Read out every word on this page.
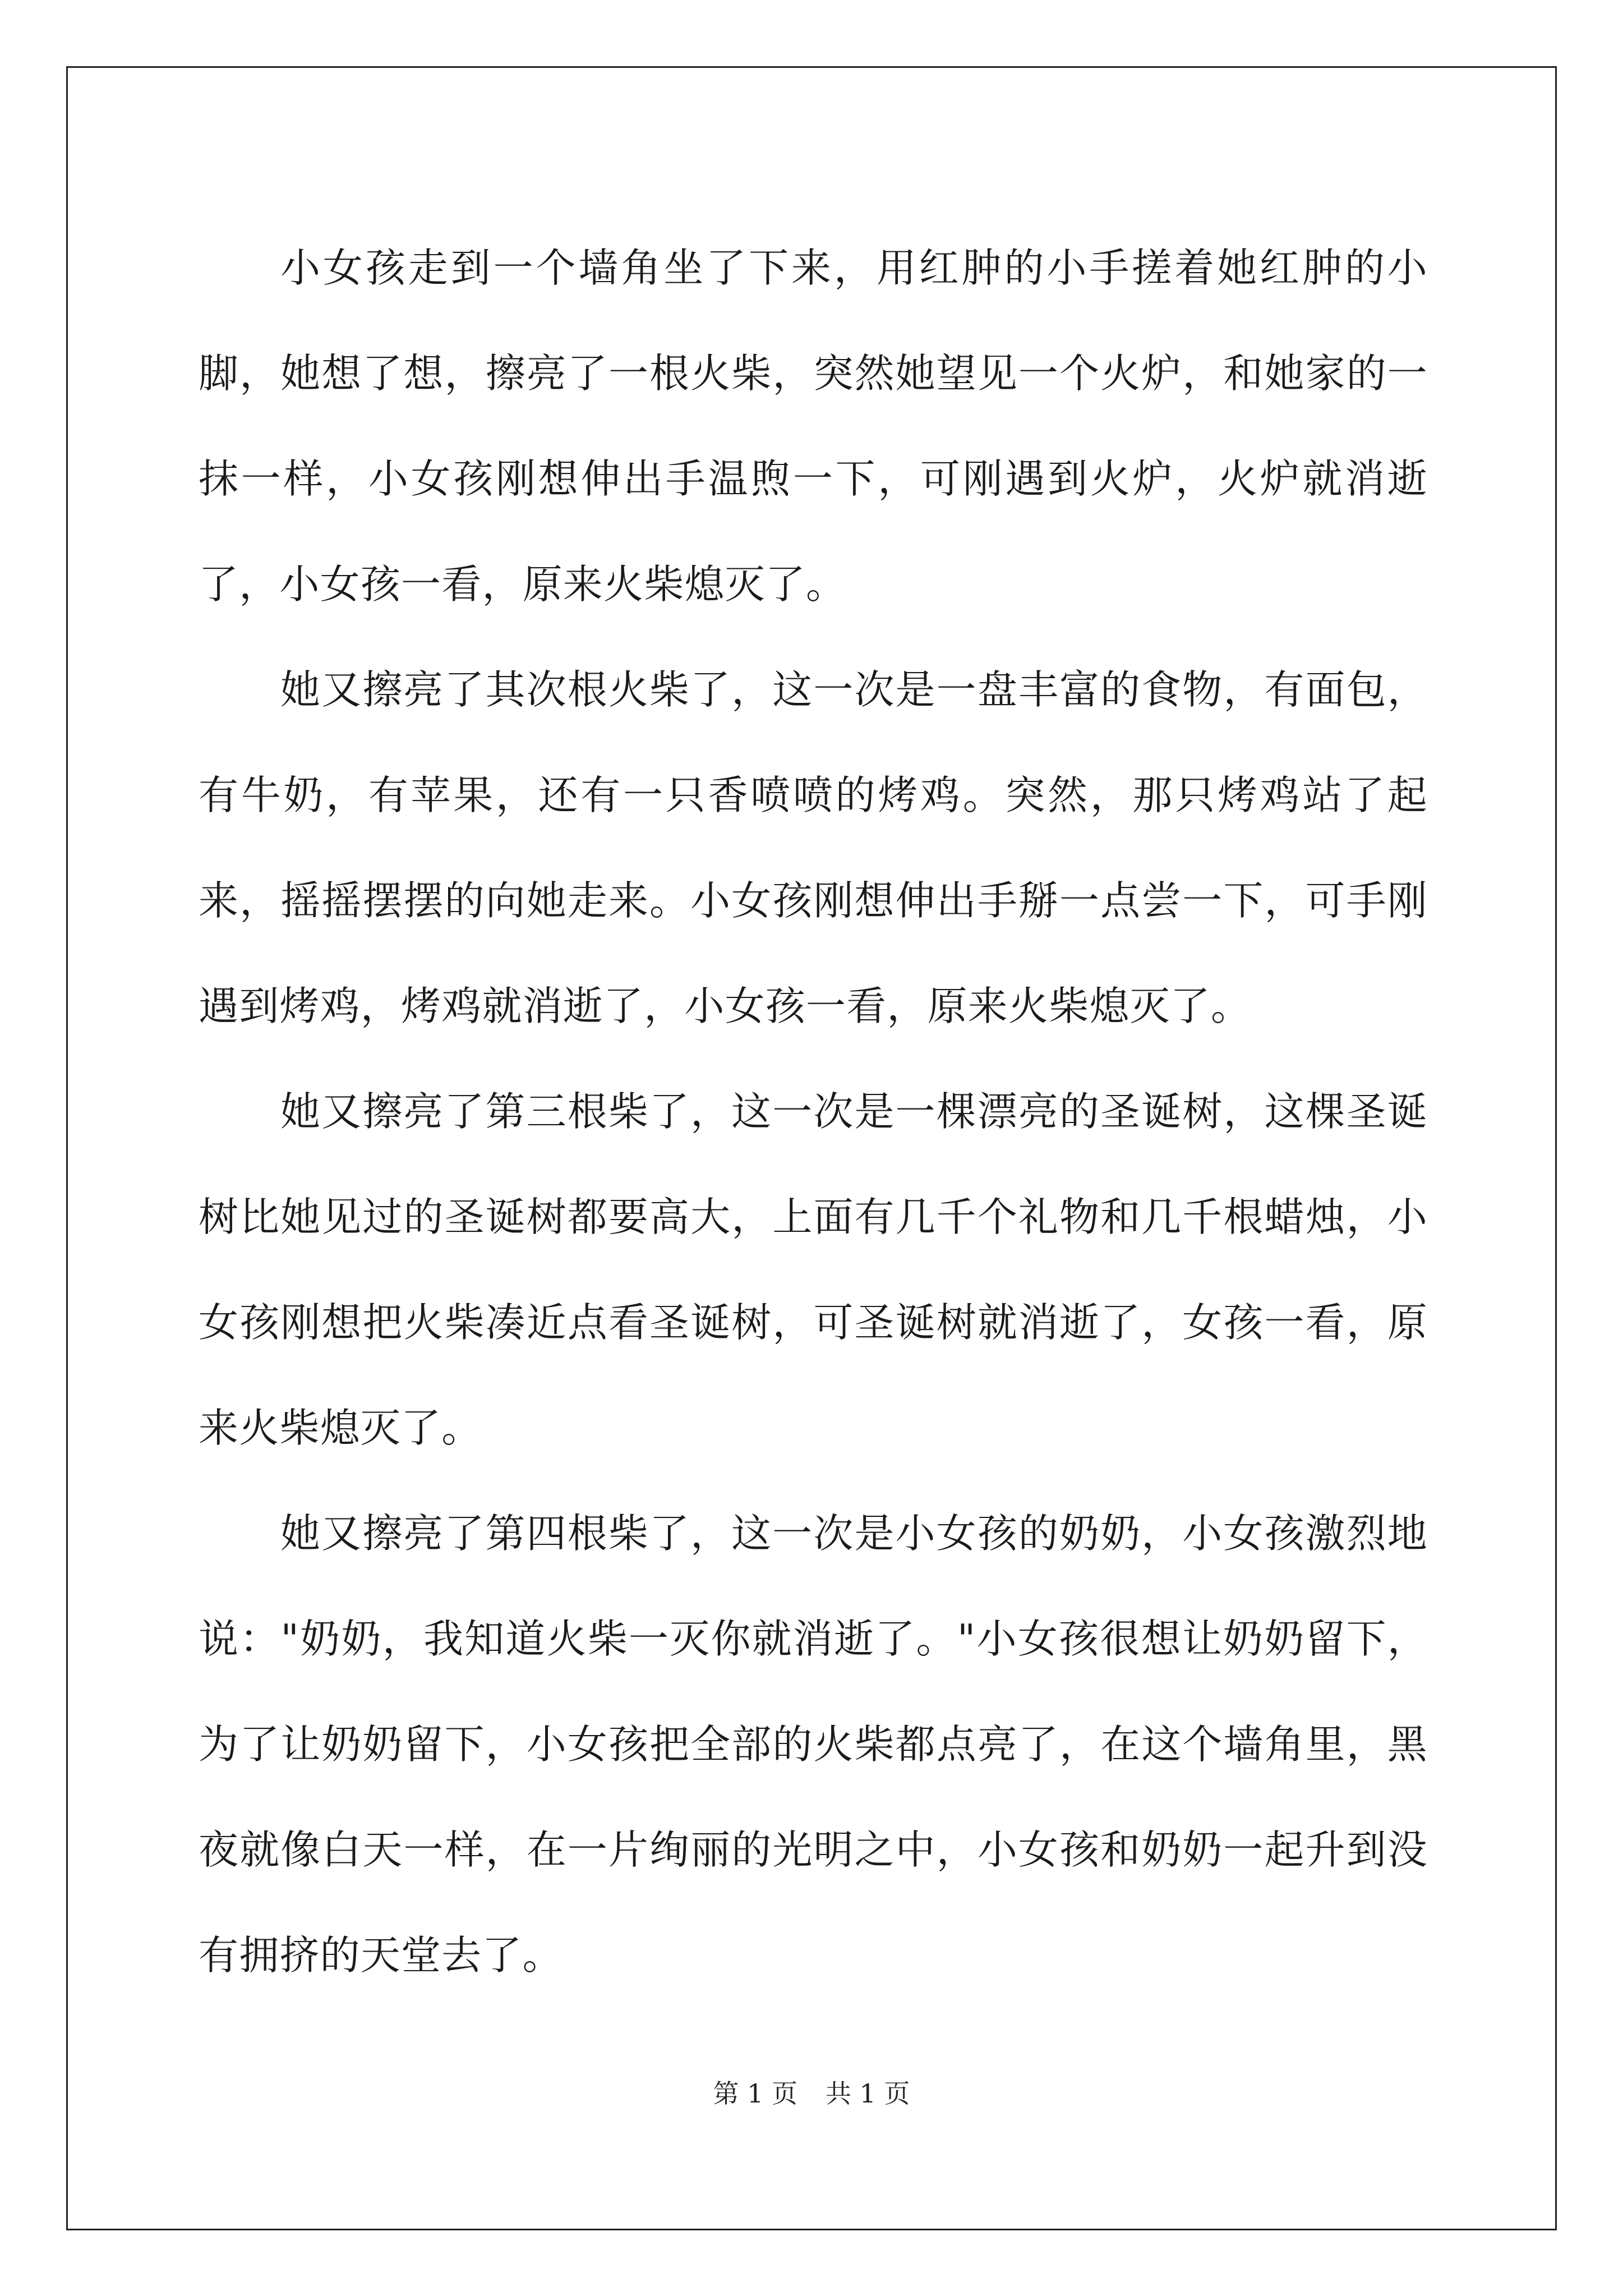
小女孩走到一个墙角坐了下来，用红肿的小手搓着她红肿的小脚，她想了想，擦亮了一根火柴，突然她望见一个火炉，和她家的一抹一样，小女孩刚想伸出手温煦一下，可刚遇到火炉，火炉就消逝了，小女孩一看，原来火柴熄灭了。

她又擦亮了其次根火柴了，这一次是一盘丰富的食物，有面包，有牛奶，有苹果，还有一只香喷喷的烤鸡。突然，那只烤鸡站了起来，摇摇摆摆的向她走来。小女孩刚想伸出手掰一点尝一下，可手刚遇到烤鸡，烤鸡就消逝了，小女孩一看，原来火柴熄灭了。

她又擦亮了第三根柴了，这一次是一棵漂亮的圣诞树，这棵圣诞树比她见过的圣诞树都要高大，上面有几千个礼物和几千根蜡烛，小女孩刚想把火柴凑近点看圣诞树，可圣诞树就消逝了，女孩一看，原来火柴熄灭了。

她又擦亮了第四根柴了，这一次是小女孩的奶奶，小女孩激烈地说："奶奶，我知道火柴一灭你就消逝了。"小女孩很想让奶奶留下，为了让奶奶留下，小女孩把全部的火柴都点亮了，在这个墙角里，黑夜就像白天一样，在一片绚丽的光明之中，小女孩和奶奶一起升到没有拥挤的天堂去了。

第 1 页 共 1 页
